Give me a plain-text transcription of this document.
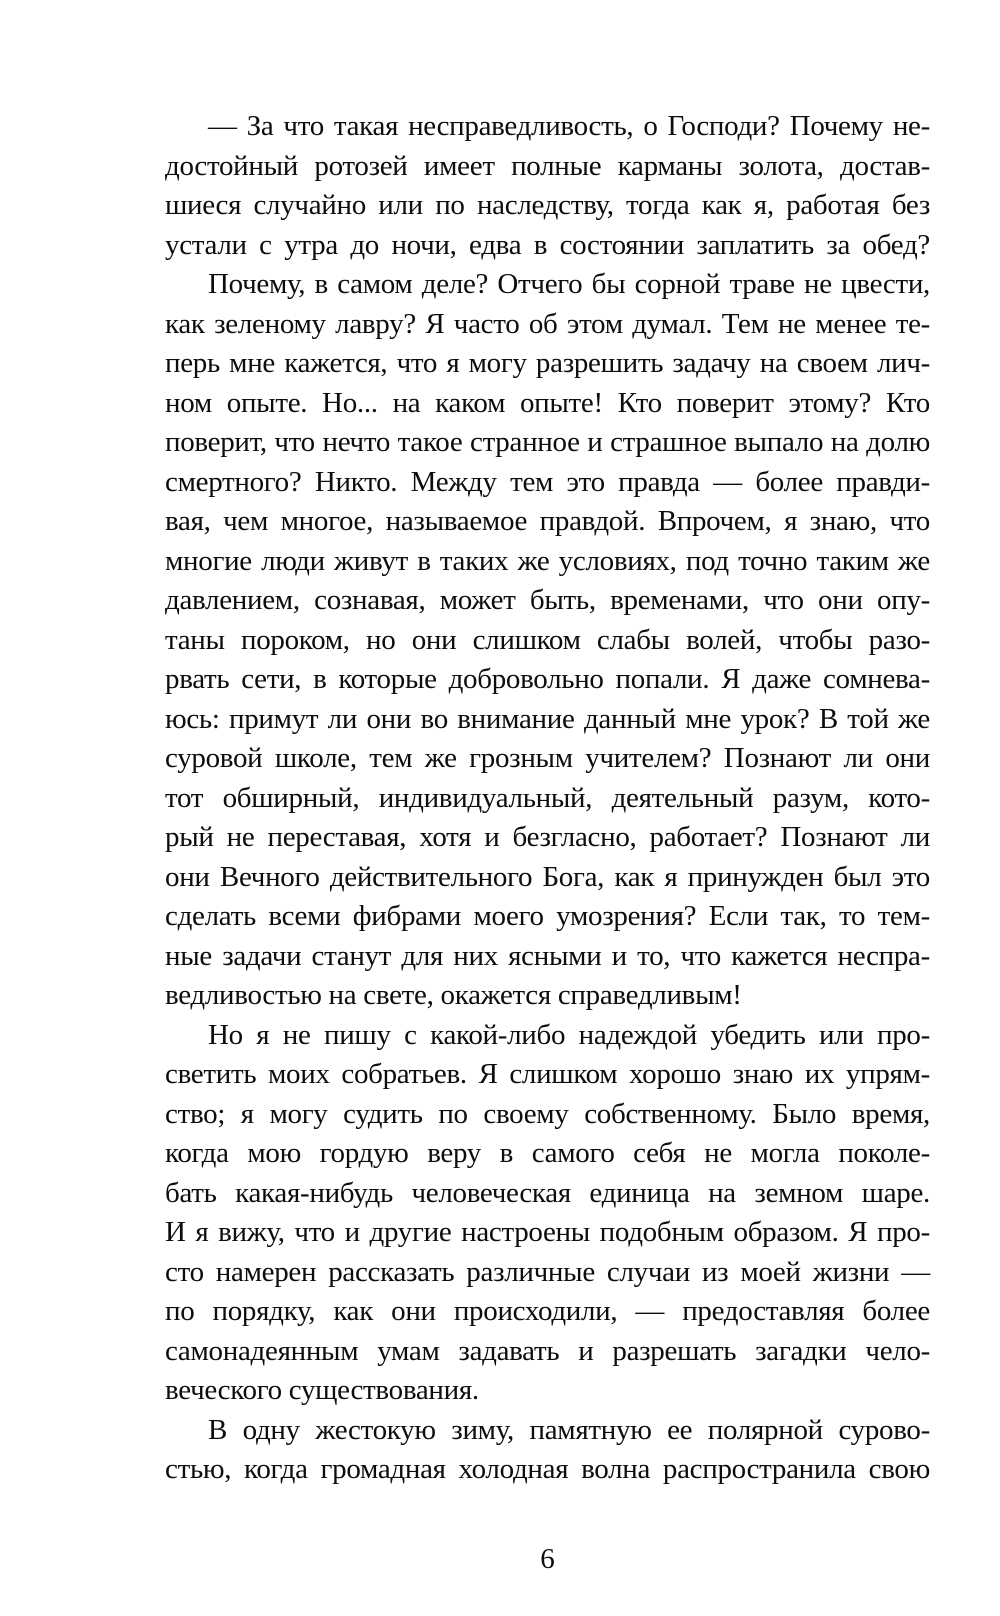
— За что такая несправедливость, о Господи? Почему не-
достойный ротозей имеет полные карманы золота, достав-
шиеся случайно или по наследству, тогда как я, работая без
устали с утра до ночи, едва в состоянии заплатить за обед?
Почему, в самом деле? Отчего бы сорной траве не цвести,
как зеленому лавру? Я часто об этом думал. Тем не менее те-
перь мне кажется, что я могу разрешить задачу на своем лич-
ном опыте. Но... на каком опыте! Кто поверит этому? Кто
поверит, что нечто такое странное и страшное выпало на долю
смертного? Никто. Между тем это правда — более правди-
вая, чем многое, называемое правдой. Впрочем, я знаю, что
многие люди живут в таких же условиях, под точно таким же
давлением, сознавая, может быть, временами, что они опу-
таны пороком, но они слишком слабы волей, чтобы разо-
рвать сети, в которые добровольно попали. Я даже сомнева-
юсь: примут ли они во внимание данный мне урок? В той же
суровой школе, тем же грозным учителем? Познают ли они
тот обширный, индивидуальный, деятельный разум, кото-
рый не переставая, хотя и безгласно, работает? Познают ли
они Вечного действительного Бога, как я принужден был это
сделать всеми фибрами моего умозрения? Если так, то тем-
ные задачи станут для них ясными и то, что кажется неспра-
ведливостью на свете, окажется справедливым!
Но я не пишу с какой-либо надеждой убедить или про-
светить моих собратьев. Я слишком хорошо знаю их упрям-
ство; я могу судить по своему собственному. Было время,
когда мою гордую веру в самого себя не могла поколе-
бать какая-нибудь человеческая единица на земном шаре.
И я вижу, что и другие настроены подобным образом. Я про-
сто намерен рассказать различные случаи из моей жизни —
по порядку, как они происходили, — предоставляя более
самонадеянным умам задавать и разрешать загадки чело-
веческого существования.
В одну жестокую зиму, памятную ее полярной сурово-
стью, когда громадная холодная волна распространила свою
6
